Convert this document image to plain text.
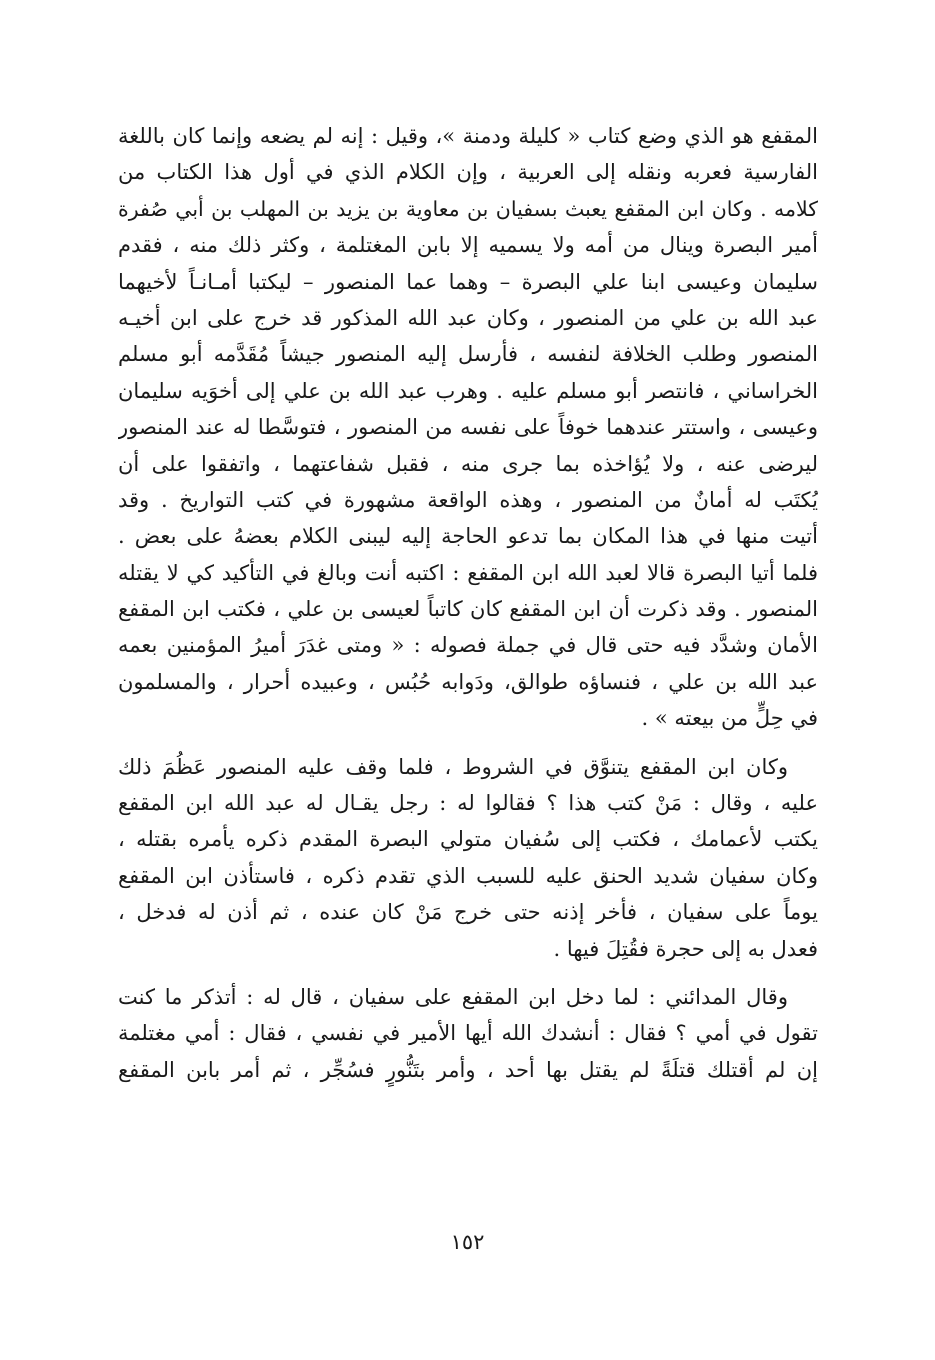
المقفع هو الذي وضع كتاب « كليلة ودمنة »، وقيل : إنه لم يضعه وإنما كان باللغة
الفارسية فعربه ونقله إلى العربية ، وإن الكلام الذي في أول هذا الكتاب من
كلامه . وكان ابن المقفع يعبث بسفيان بن معاوية بن يزيد بن المهلب بن أبي صُفرة
أمير البصرة وينال من أمه ولا يسميه إلا بابن المغتلمة ، وكثر ذلك منه ، فقدم
سليمان وعيسى ابنا علي البصرة – وهما عما المنصور – ليكتبا أمـانـاً لأخيهما
عبد الله بن علي من المنصور ، وكان عبد الله المذكور قد خرج على ابن أخيـه
المنصور وطلب الخلافة لنفسه ، فأرسل إليه المنصور جيشاً مُقَدَّمه أبو مسلم
الخراساني ، فانتصر أبو مسلم عليه . وهرب عبد الله بن علي إلى أخوَيه سليمان
وعيسى ، واستتر عندهما خوفاً على نفسه من المنصور ، فتوسَّطا له عند المنصور
ليرضى عنه ، ولا يُؤاخذه بما جرى منه ، فقبل شفاعتهما ، واتفقوا على أن
يُكتَب له أمانٌ من المنصور ، وهذه الواقعة مشهورة في كتب التواريخ . وقد
أتيت منها في هذا المكان بما تدعو الحاجة إليه ليبنى الكلام بعضهُ على بعض .
فلما أتيا البصرة قالا لعبد الله ابن المقفع : اكتبه أنت وبالغ في التأكيد كي لا يقتله
المنصور . وقد ذكرت أن ابن المقفع كان كاتباً لعيسى بن علي ، فكتب ابن المقفع
الأمان وشدَّد فيه حتى قال في جملة فصوله : « ومتى غدَرَ أميرُ المؤمنين بعمه
عبد الله بن علي ، فنساؤه طوالق، ودَوابه حُبُس ، وعبيده أحرار ، والمسلمون
في حِلٍّ من بيعته » .
وكان ابن المقفع يتنوَّق في الشروط ، فلما وقف عليه المنصور عَظُمَ ذلك
عليه ، وقال : مَنْ كتب هذا ؟ فقالوا له : رجل يقـال له عبد الله ابن المقفع
يكتب لأعمامك ، فكتب إلى سُفيان متولي البصرة المقدم ذكره يأمره بقتله ،
وكان سفيان شديد الحنق عليه للسبب الذي تقدم ذكره ، فاستأذن ابن المقفع
يوماً على سفيان ، فأخر إذنه حتى خرج مَنْ كان عنده ، ثم أذن له فدخل ،
فعدل به إلى حجرة فقُتِلَ فيها .
وقال المدائني : لما دخل ابن المقفع على سفيان ، قال له : أتذكر ما كنت
تقول في أمي ؟ فقال : أنشدك الله أيها الأمير في نفسي ، فقال : أمي مغتلمة
إن لم أقتلك قتلَةً لم يقتل بها أحد ، وأمر بتَنُّورٍ فسُجِّر ، ثم أمر بابن المقفع
١٥٢
